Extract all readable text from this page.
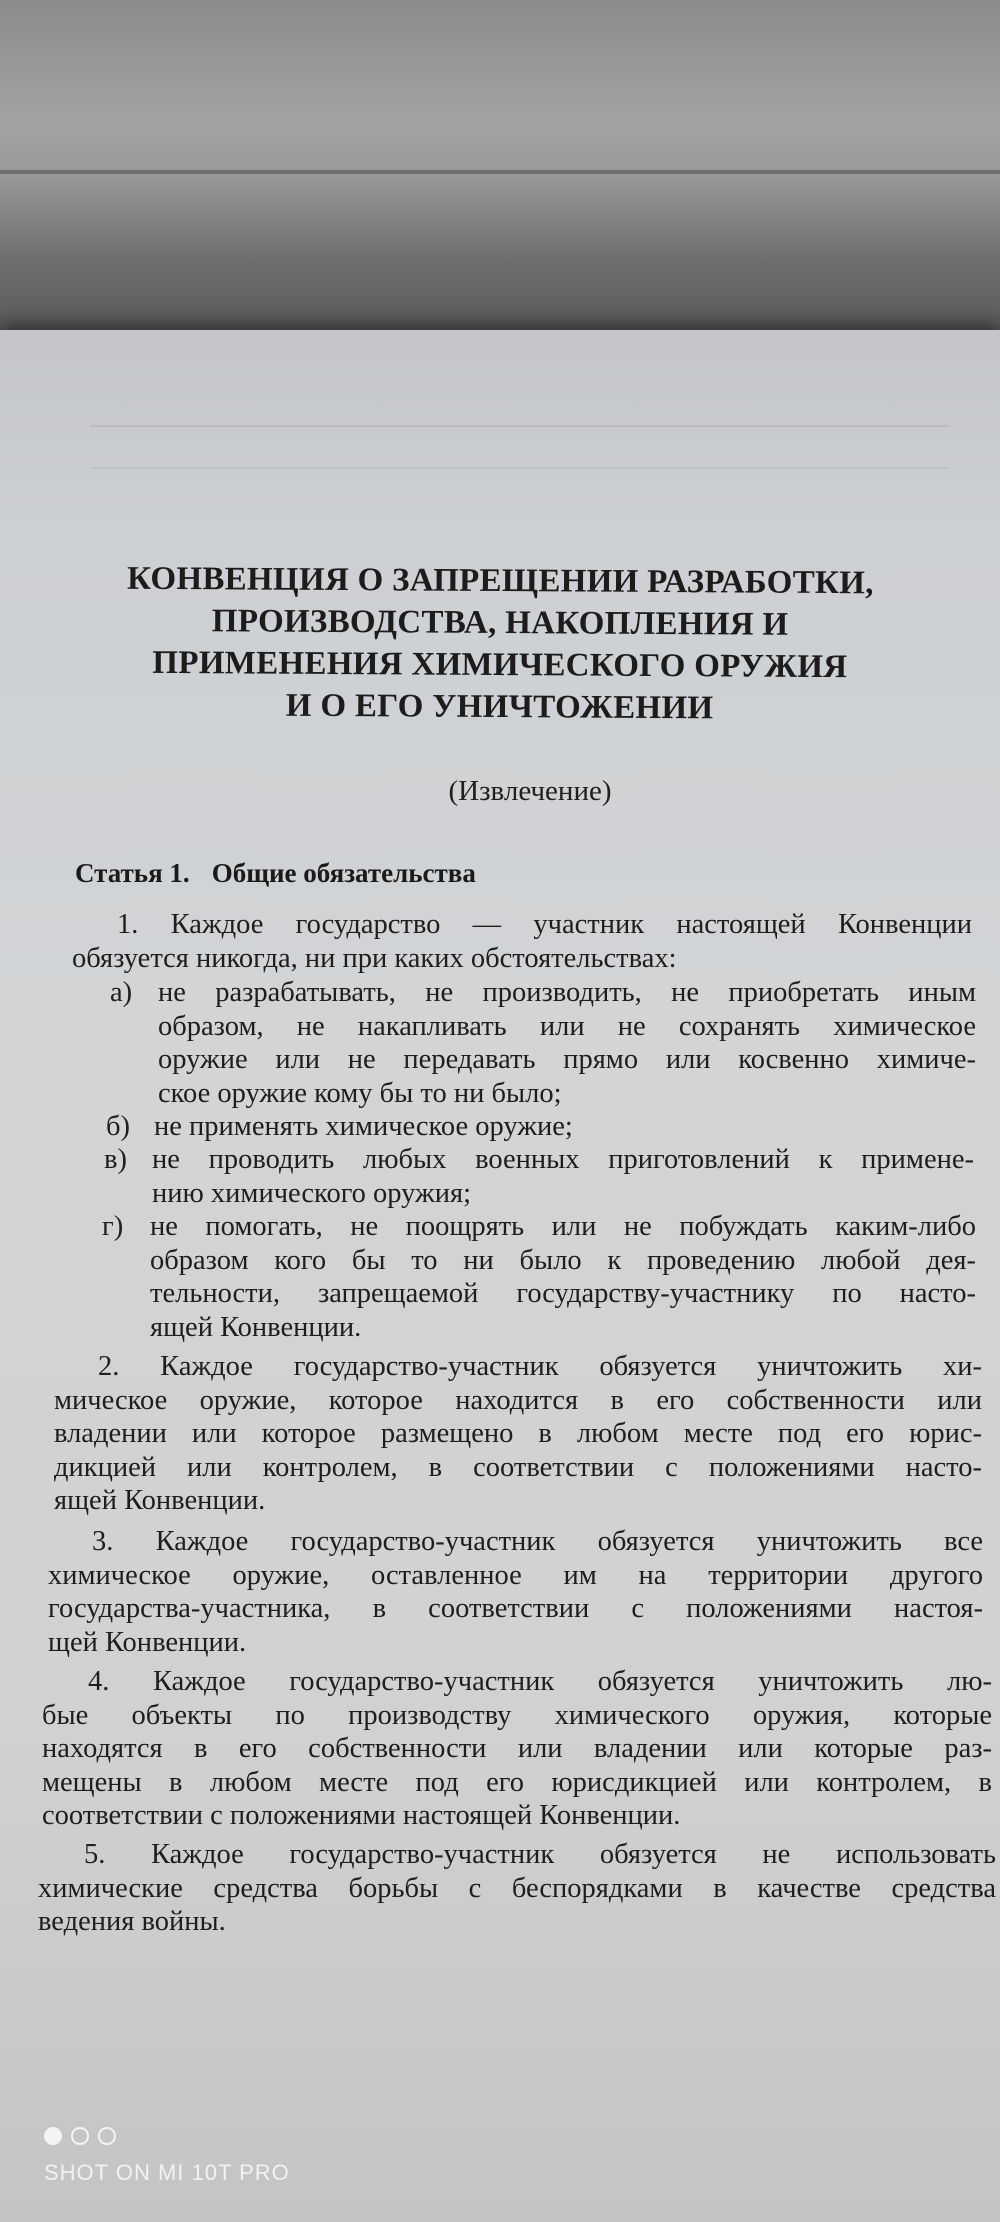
КОНВЕНЦИЯ О ЗАПРЕЩЕНИИ РАЗРАБОТКИ,
ПРОИЗВОДСТВА, НАКОПЛЕНИЯ И
ПРИМЕНЕНИЯ ХИМИЧЕСКОГО ОРУЖИЯ
И О ЕГО УНИЧТОЖЕНИИ
(Извлечение)
Статья 1. Общие обязательства
1. Каждое государство — участник настоящей Конвенции
обязуется никогда, ни при каких обстоятельствах:
а) не разрабатывать, не производить, не приобретать иным
образом, не накапливать или не сохранять химическое
оружие или не передавать прямо или косвенно химиче-
ское оружие кому бы то ни было;
б) не применять химическое оружие;
в) не проводить любых военных приготовлений к примене-
нию химического оружия;
г) не помогать, не поощрять или не побуждать каким-либо
образом кого бы то ни было к проведению любой дея-
тельности, запрещаемой государству-участнику по насто-
ящей Конвенции.
2. Каждое государство-участник обязуется уничтожить хи-
мическое оружие, которое находится в его собственности или
владении или которое размещено в любом месте под его юрис-
дикцией или контролем, в соответствии с положениями насто-
ящей Конвенции.
3. Каждое государство-участник обязуется уничтожить все
химическое оружие, оставленное им на территории другого
государства-участника, в соответствии с положениями настоя-
щей Конвенции.
4. Каждое государство-участник обязуется уничтожить лю-
бые объекты по производству химического оружия, которые
находятся в его собственности или владении или которые раз-
мещены в любом месте под его юрисдикцией или контролем, в
соответствии с положениями настоящей Конвенции.
5. Каждое государство-участник обязуется не использовать
химические средства борьбы с беспорядками в качестве средства
ведения войны.
SHOT ON MI 10T PRO
